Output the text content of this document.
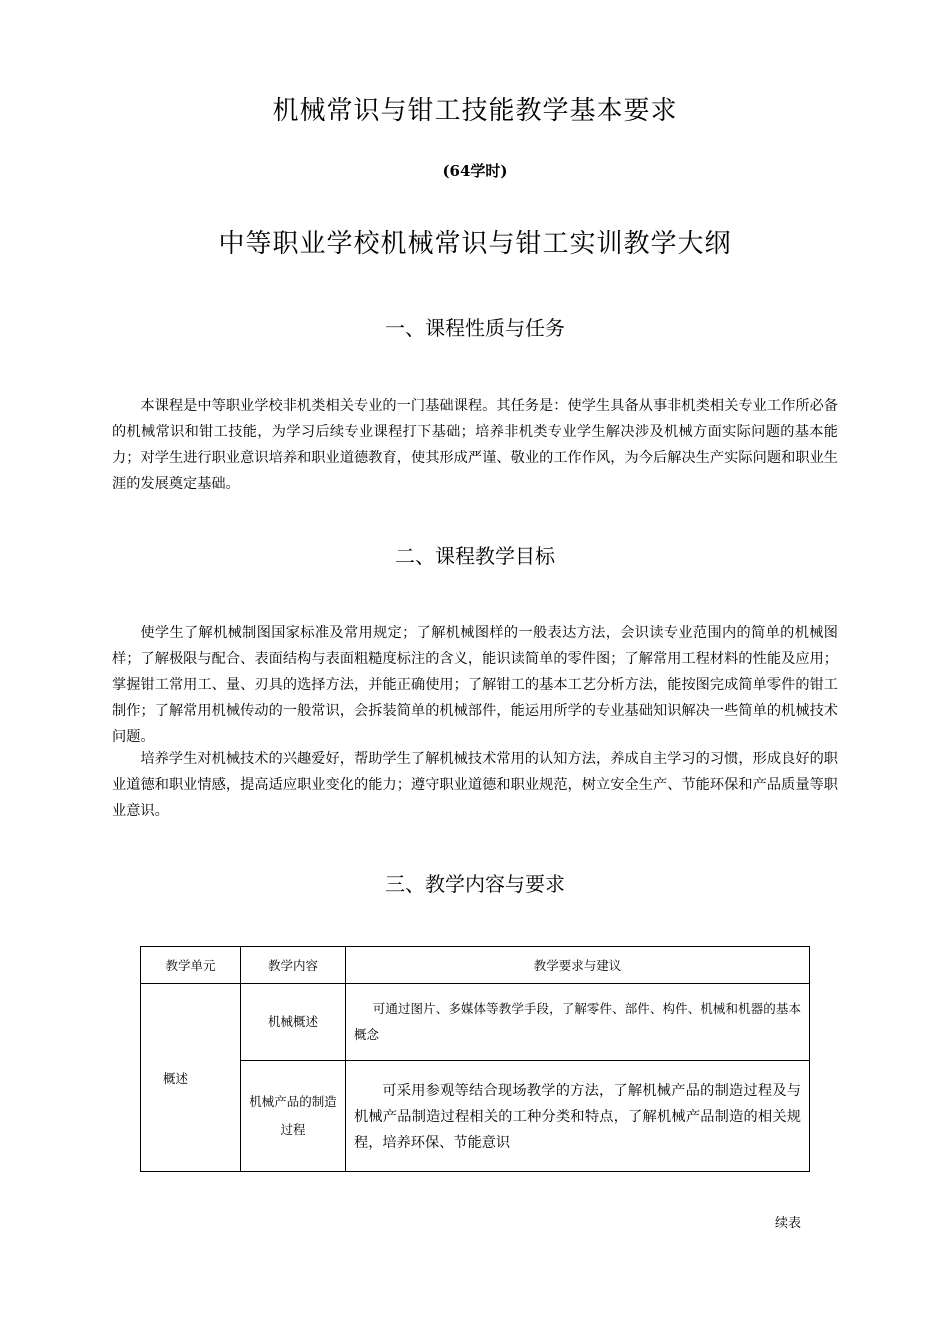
机械常识与钳工技能教学基本要求
(64学时)
中等职业学校机械常识与钳工实训教学大纲
一、课程性质与任务
本课程是中等职业学校非机类相关专业的一门基础课程。其任务是：使学生具备从事非机类相关专业工作所必备的机械常识和钳工技能，为学习后续专业课程打下基础；培养非机类专业学生解决涉及机械方面实际问题的基本能力；对学生进行职业意识培养和职业道德教育，使其形成严谨、敬业的工作作风，为今后解决生产实际问题和职业生涯的发展奠定基础。
二、课程教学目标
使学生了解机械制图国家标准及常用规定；了解机械图样的一般表达方法，会识读专业范围内的简单的机械图样；了解极限与配合、表面结构与表面粗糙度标注的含义，能识读简单的零件图；了解常用工程材料的性能及应用；掌握钳工常用工、量、刃具的选择方法，并能正确使用；了解钳工的基本工艺分析方法，能按图完成简单零件的钳工制作；了解常用机械传动的一般常识，会拆装简单的机械部件，能运用所学的专业基础知识解决一些简单的机械技术问题。
培养学生对机械技术的兴趣爱好，帮助学生了解机械技术常用的认知方法，养成自主学习的习惯，形成良好的职业道德和职业情感，提高适应职业变化的能力；遵守职业道德和职业规范，树立安全生产、节能环保和产品质量等职业意识。
三、教学内容与要求
教学单元	教学内容	教学要求与建议
概述	机械概述	可通过图片、多媒体等教学手段，了解零件、部件、构件、机械和机器的基本概念
	机械产品的制造过程	可采用参观等结合现场教学的方法，了解机械产品的制造过程及与机械产品制造过程相关的工种分类和特点，了解机械产品制造的相关规程，培养环保、节能意识
续表
